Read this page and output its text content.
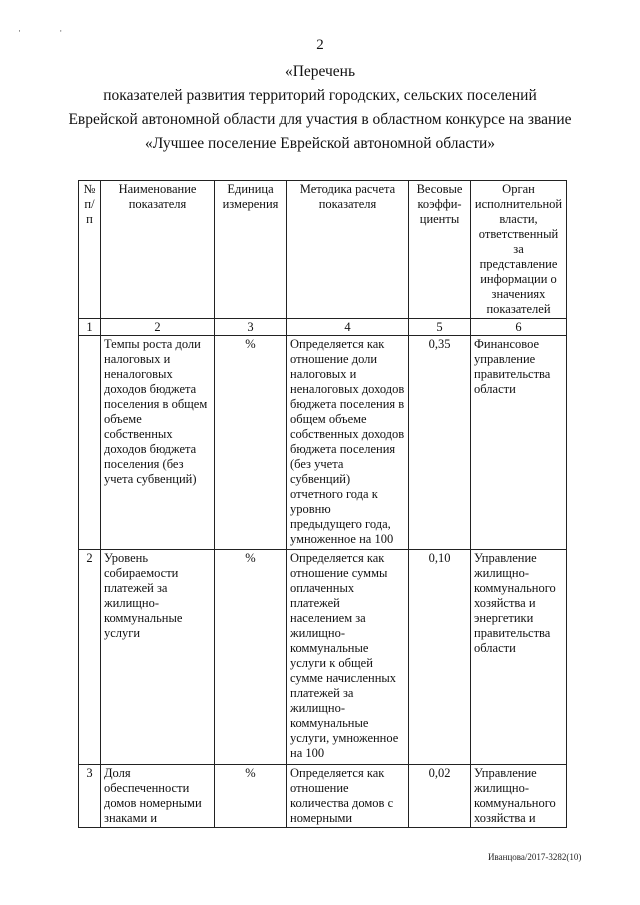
· ·
2
«Перечень
показателей развития территорий городских, сельских поселений
Еврейской автономной области для участия в областном конкурсе на звание
«Лучшее поселение Еврейской автономной области»
№ п/п	Наименование показателя	Единица измерения	Методика расчета показателя	Весовые коэффи-циенты	Орган исполнительной власти, ответственный за представление информации о значениях показателей
1	2	3	4	5	6
	Темпы роста доли налоговых и неналоговых доходов бюджета поселения в общем объеме собственных доходов бюджета поселения (без учета субвенций)	%	Определяется как отношение доли налоговых и неналоговых доходов бюджета поселения в общем объеме собственных доходов бюджета поселения (без учета субвенций) отчетного года к уровню предыдущего года, умноженное на 100	0,35	Финансовое управление правительства области
2	Уровень собираемости платежей за жилищно-коммунальные услуги	%	Определяется как отношение суммы оплаченных платежей населением за жилищно-коммунальные услуги к общей сумме начисленных платежей за жилищно-коммунальные услуги, умноженное на 100	0,10	Управление жилищно-коммунального хозяйства и энергетики правительства области
3	Доля обеспеченности домов номерными знаками и	%	Определяется как отношение количества домов с номерными	0,02	Управление жилищно-коммунального хозяйства и
Иванцова/2017-3282(10)
